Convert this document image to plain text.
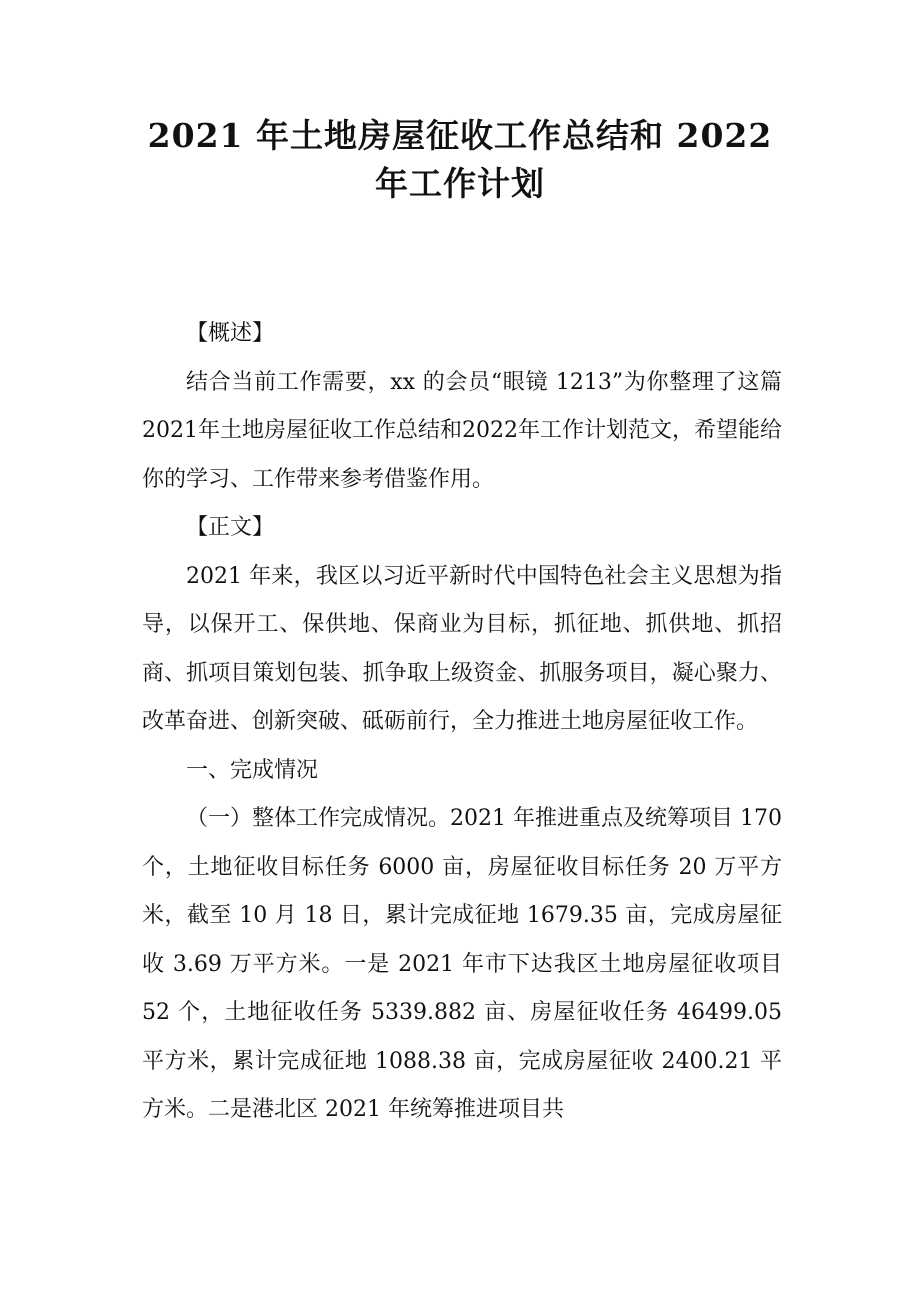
2021 年土地房屋征收工作总结和 2022 年工作计划

【概述】

结合当前工作需要，xx 的会员“眼镜 1213”为你整理了这篇2021年土地房屋征收工作总结和2022年工作计划范文，希望能给你的学习、工作带来参考借鉴作用。

【正文】

2021 年来，我区以习近平新时代中国特色社会主义思想为指导，以保开工、保供地、保商业为目标，抓征地、抓供地、抓招商、抓项目策划包装、抓争取上级资金、抓服务项目，凝心聚力、改革奋进、创新突破、砥砺前行，全力推进土地房屋征收工作。

一、完成情况

（一）整体工作完成情况。2021 年推进重点及统筹项目 170 个，土地征收目标任务 6000 亩，房屋征收目标任务 20 万平方米，截至 10 月 18 日，累计完成征地 1679.35 亩，完成房屋征收 3.69 万平方米。一是 2021 年市下达我区土地房屋征收项目 52 个，土地征收任务 5339.882 亩、房屋征收任务 46499.05 平方米，累计完成征地 1088.38 亩，完成房屋征收 2400.21 平方米。二是港北区 2021 年统筹推进项目共
